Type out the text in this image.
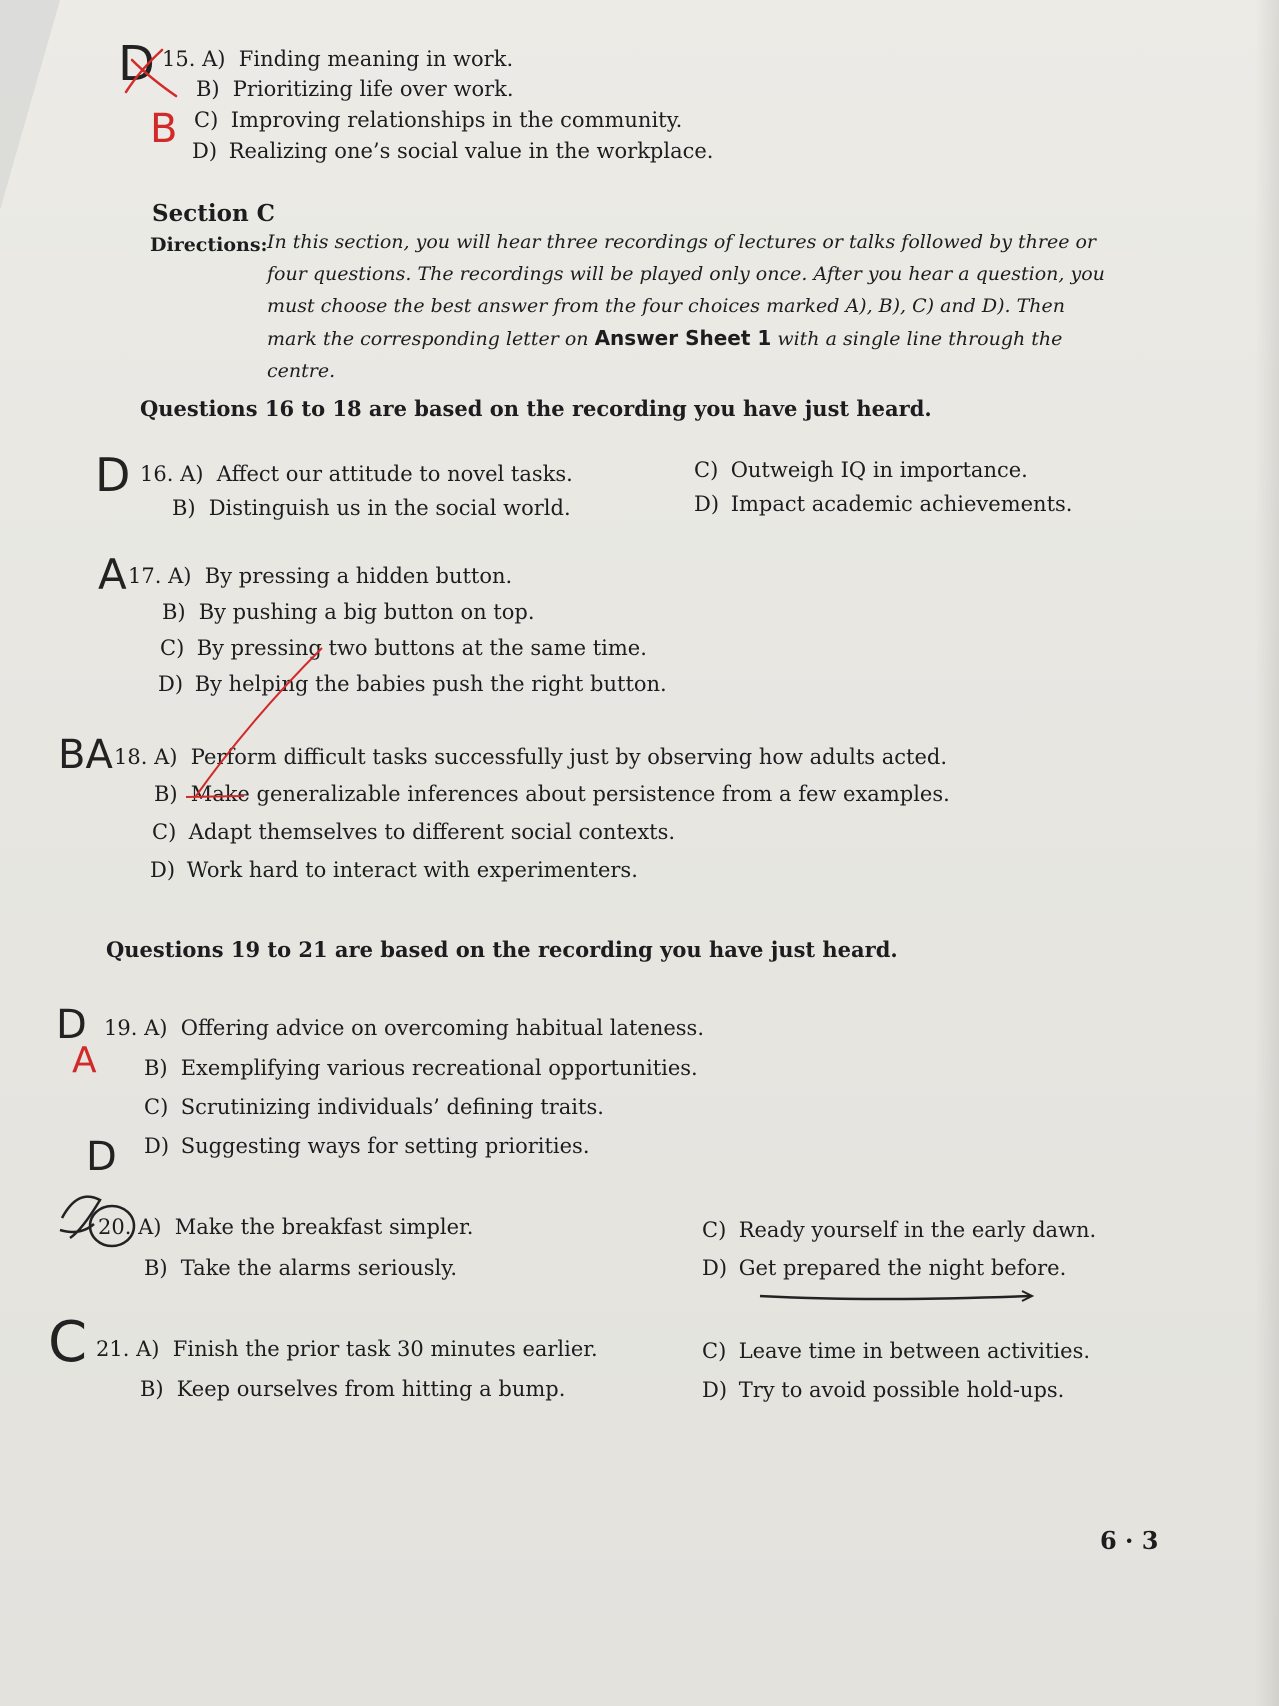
15. A) Finding meaning in work.
B) Prioritizing life over work.
C) Improving relationships in the community.
D) Realizing one’s social value in the workplace.
Section C
Directions: In this section, you will hear three recordings of lectures or talks followed by three or four questions. The recordings will be played only once. After you hear a question, you must choose the best answer from the four choices marked A), B), C) and D). Then mark the corresponding letter on Answer Sheet 1 with a single line through the centre.
Questions 16 to 18 are based on the recording you have just heard.
16. A) Affect our attitude to novel tasks.
B) Distinguish us in the social world.
C) Outweigh IQ in importance.
D) Impact academic achievements.
17. A) By pressing a hidden button.
B) By pushing a big button on top.
C) By pressing two buttons at the same time.
D) By helping the babies push the right button.
18. A) Perform difficult tasks successfully just by observing how adults acted.
B) Make generalizable inferences about persistence from a few examples.
C) Adapt themselves to different social contexts.
D) Work hard to interact with experimenters.
Questions 19 to 21 are based on the recording you have just heard.
19. A) Offering advice on overcoming habitual lateness.
B) Exemplifying various recreational opportunities.
C) Scrutinizing individuals’ defining traits.
D) Suggesting ways for setting priorities.
20. A) Make the breakfast simpler.
B) Take the alarms seriously.
C) Ready yourself in the early dawn.
D) Get prepared the night before.
21. A) Finish the prior task 30 minutes earlier.
B) Keep ourselves from hitting a bump.
C) Leave time in between activities.
D) Try to avoid possible hold-ups.
6 · 3
D
B
D
A
BA
D
A
D
C
